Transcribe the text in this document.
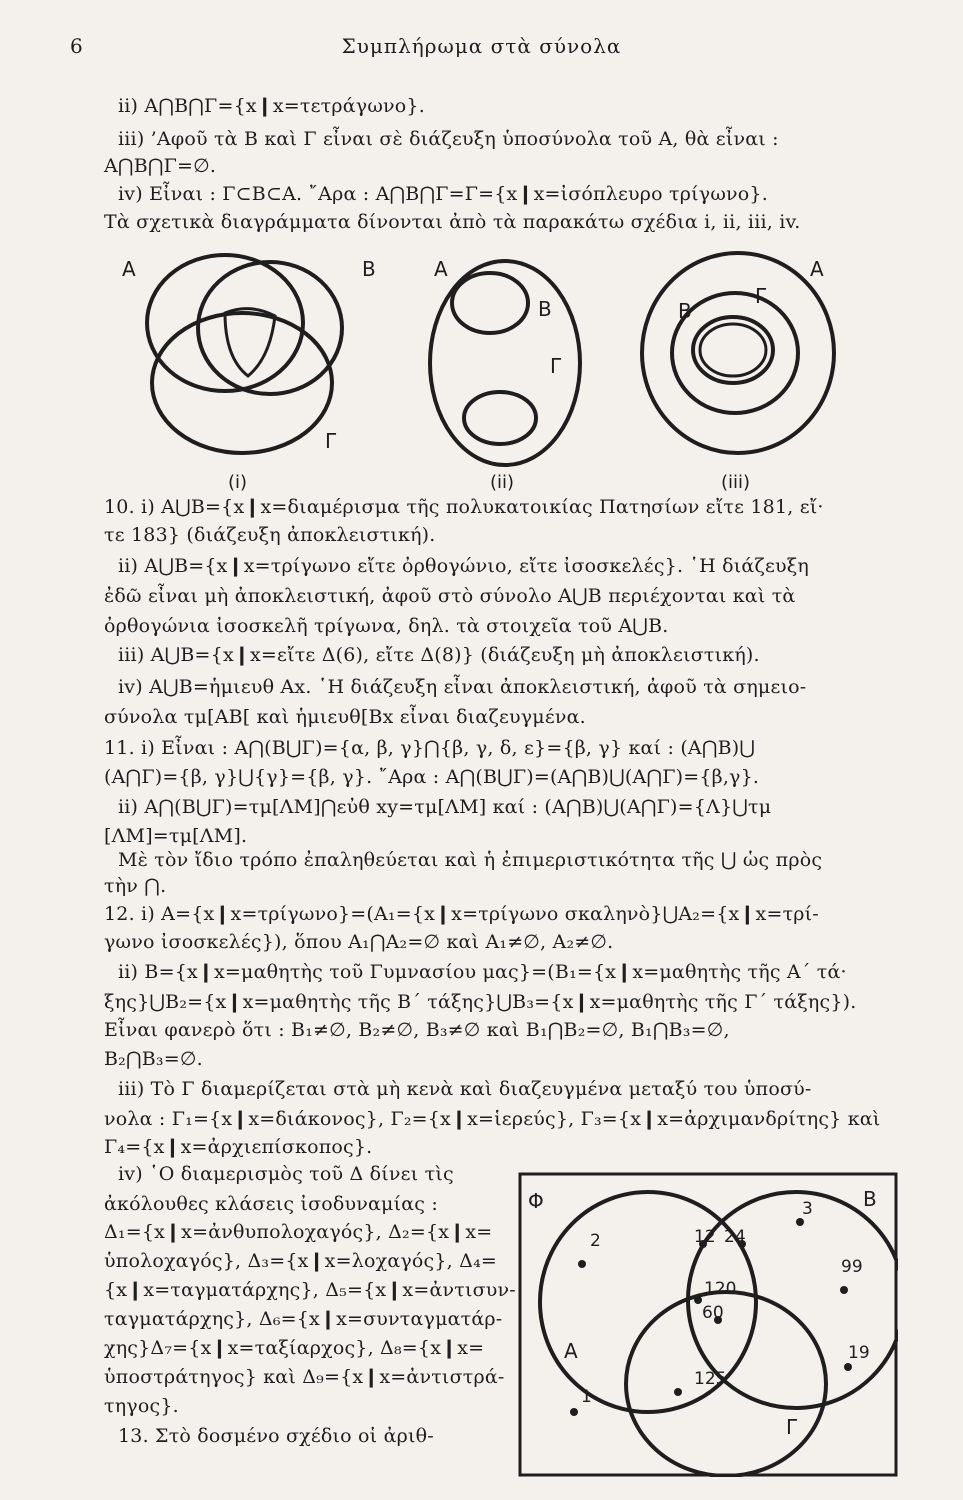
6	Συμπλήρωμα στὰ σύνολα
ii) A⋂B⋂Γ={x❙x=τετράγωνο}.
iii) ’Αφοῦ τὰ Β καὶ Γ εἶναι σὲ διάζευξη ὑποσύνολα τοῦ Α, θὰ εἶναι :
A⋂B⋂Γ=∅.
iv) Εἶναι : Γ⊂B⊂A. ῎Αρα : A⋂B⋂Γ=Γ={x❙x=ἰσόπλευρο τρίγωνο}.
Τὰ σχετικὰ διαγράμματα δίνονται ἀπὸ τὰ παρακάτω σχέδια i, ii, iii, iv.
A	B
Γ
A
B
Γ
A
B
Γ
(i)	(ii)	(iii)
10. i) A⋃B={x❙x=διαμέρισμα τῆς πολυκατοικίας Πατησίων εἴτε 181, εἴ·
τε 183} (διάζευξη ἀποκλειστική).
ii) A⋃B={x❙x=τρίγωνο εἴτε ὀρθογώνιο, εἴτε ἰσοσκελές}. ῾Η διάζευξη
ἐδῶ εἶναι μὴ ἀποκλειστική, ἀφοῦ στὸ σύνολο A⋃B περιέχονται καὶ τὰ
ὀρθογώνια ἰσοσκελῆ τρίγωνα, δηλ. τὰ στοιχεῖα τοῦ A⋃B.
iii) A⋃B={x❙x=εἴτε Δ(6), εἴτε Δ(8)} (διάζευξη μὴ ἀποκλειστική).
iv) A⋃B=ἡμιευθ Ax. ῾Η διάζευξη εἶναι ἀποκλειστική, ἀφοῦ τὰ σημειο-
σύνολα τμ[AB[ καὶ ἡμιευθ[Bx εἶναι διαζευγμένα.
11. i) Εἶναι : A⋂(B⋃Γ)={α, β, γ}⋂{β, γ, δ, ε}={β, γ} καί : (A⋂B)⋃
(A⋂Γ)={β, γ}⋃{γ}={β, γ}. ῎Αρα : A⋂(B⋃Γ)=(A⋂B)⋃(A⋂Γ)={β,γ}.
ii) A⋂(B⋃Γ)=τμ[ΛΜ]⋂εὐθ xy=τμ[ΛΜ] καί : (A⋂B)⋃(A⋂Γ)={Λ}⋃τμ
[ΛΜ]=τμ[ΛΜ].
Μὲ τὸν ἴδιο τρόπο ἐπαληθεύεται καὶ ἡ ἐπιμεριστικότητα τῆς ⋃ ὡς πρὸς
τὴν ⋂.
12. i) A={x❙x=τρίγωνο}=(A₁={x❙x=τρίγωνο σκαληνὸ}⋃A₂={x❙x=τρί-
γωνο ἰσοσκελές}), ὅπου A₁⋂A₂=∅ καὶ A₁≠∅, A₂≠∅.
ii) B={x❙x=μαθητὴς τοῦ Γυμνασίου μας}=(B₁={x❙x=μαθητὴς τῆς Α΄ τά·
ξης}⋃B₂={x❙x=μαθητὴς τῆς Β΄ τάξης}⋃B₃={x❙x=μαθητὴς τῆς Γ΄ τάξης}).
Εἶναι φανερὸ ὅτι : B₁≠∅, B₂≠∅, B₃≠∅ καὶ B₁⋂B₂=∅, B₁⋂B₃=∅,
B₂⋂B₃=∅.
iii) Τὸ Γ διαμερίζεται στὰ μὴ κενὰ καὶ διαζευγμένα μεταξύ του ὑποσύ-
νολα : Γ₁={x❙x=διάκονος}, Γ₂={x❙x=ἱερεύς}, Γ₃={x❙x=ἀρχιμανδρίτης} καὶ
Γ₄={x❙x=ἀρχιεπίσκοπος}.
iv) ῾Ο διαμερισμὸς τοῦ Δ δίνει τὶς
ἀκόλουθες κλάσεις ἰσοδυναμίας :
Δ₁={x❙x=ἀνθυπολοχαγός}, Δ₂={x❙x=
ὑπολοχαγός}, Δ₃={x❙x=λοχαγός}, Δ₄=
{x❙x=ταγματάρχης}, Δ₅={x❙x=ἀντισυν-
ταγματάρχης}, Δ₆={x❙x=συνταγματάρ-
χης}Δ₇={x❙x=ταξίαρχος}, Δ₈={x❙x=
ὑποστράτηγος} καὶ Δ₉={x❙x=ἀντιστρά-
τηγος}.
13. Στὸ δοσμένο σχέδιο οἱ ἀριθ-
Φ	B
A
Γ
2	12 24
3
99
120
60
19
125
1
